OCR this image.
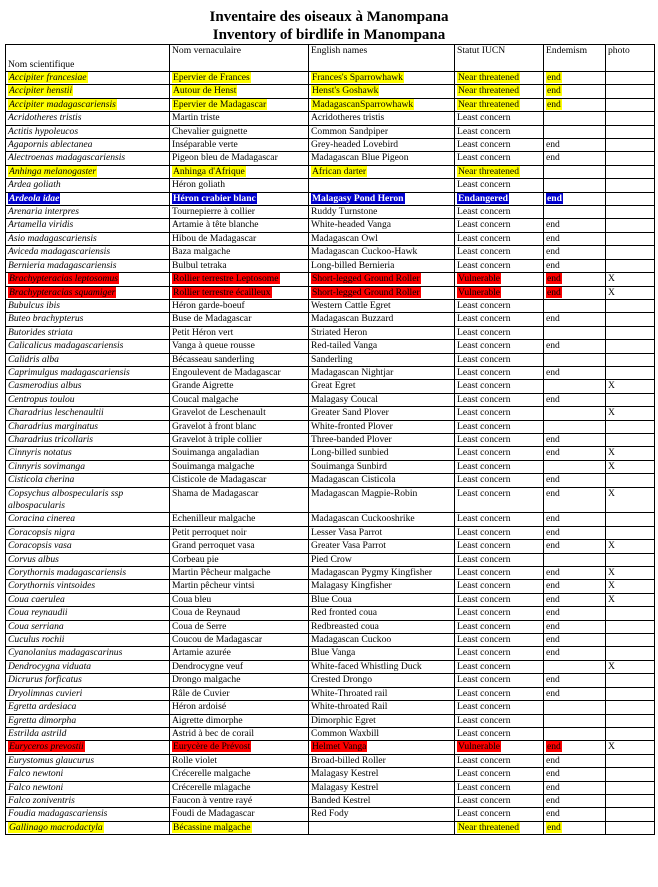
Inventaire des oiseaux à Manompana
Inventory of birdlife in Manompana
Nom scientifique	Nom vernaculaire	English names	Statut IUCN	Endemism	photo
Accipiter francesiae	Epervier de Frances	Frances's Sparrowhawk	Near threatened	end	
Accipiter henstii	Autour de Henst	Henst's Goshawk	Near threatened	end	
Accipiter madagascariensis	Epervier de Madagascar	MadagascanSparrowhawk	Near threatened	end	
Acridotheres tristis	Martin triste	Acridotheres tristis	Least concern		
Actitis hypoleucos	Chevalier guignette	Common Sandpiper	Least concern		
Agapornis ablectanea	Inséparable verte	Grey-headed Lovebird	Least concern	end	
Alectroenas madagascariensis	Pigeon bleu de Madagascar	Madagascan Blue Pigeon	Least concern	end	
Anhinga melanogaster	Anhinga d'Afrique	African darter	Near threatened		
Ardea goliath	Héron goliath		Least concern		
Ardeola idae	Héron crabier blanc	Malagasy Pond Heron	Endangered	end	
Arenaria interpres	Tournepierre à collier	Ruddy Turnstone	Least concern		
Artamella viridis	Artamie à tête blanche	White-headed Vanga	Least concern	end	
Asio madagascariensis	Hibou de Madagascar	Madagascan Owl	Least concern	end	
Aviceda madagascariensis	Baza malgache	Madagascan Cuckoo-Hawk	Least concern	end	
Bernieria madagascariensis	Bulbul tetraka	Long-billed Bernieria	Least concern	end	
Brachypteracias leptosomus	Rollier terrestre Leptosome	Short-legged Ground Roller	Vulnerable	end	X
Brachypteracias squamiger	Rollier terrestre écailleux	Short-legged Ground Roller	Vulnerable	end	X
Bubulcus ibis	Héron garde-boeuf	Western Cattle Egret	Least concern		
Buteo brachypterus	Buse de Madagascar	Madagascan Buzzard	Least concern	end	
Butorides striata	Petit Héron vert	Striated Heron	Least concern		
Calicalicus madagascariensis	Vanga à queue rousse	Red-tailed Vanga	Least concern	end	
Calidris alba	Bécasseau sanderling	Sanderling	Least concern		
Caprimulgus madagascariensis	Engoulevent de Madagascar	Madagascan Nightjar	Least concern	end	
Casmerodius albus	Grande Aigrette	Great Egret	Least concern		X
Centropus toulou	Coucal malgache	Malagasy Coucal	Least concern	end	
Charadrius leschenaultii	Gravelot de Leschenault	Greater Sand Plover	Least concern		X
Charadrius marginatus	Gravelot à front blanc	White-fronted Plover	Least concern		
Charadrius tricollaris	Gravelot à triple collier	Three-banded Plover	Least concern	end	
Cinnyris notatus	Souimanga angaladian	Long-billed sunbied	Least concern	end	X
Cinnyris sovimanga	Souimanga malgache	Souimanga Sunbird	Least concern		X
Cisticola cherina	Cisticole de Madagascar	Madagascan Cisticola	Least concern	end	
Copsychus albospecularis ssp albospacularis	Shama de Madagascar	Madagascan Magpie-Robin	Least concern	end	X
Coracina cinerea	Echenilleur malgache	Madagascan Cuckooshrike	Least concern	end	
Coracopsis nigra	Petit perroquet noir	Lesser Vasa Parrot	Least concern	end	
Coracopsis vasa	Grand perroquet vasa	Greater Vasa Parrot	Least concern	end	X
Corvus albus	Corbeau pie	Pied Crow	Least concern		
Corythornis madagascariensis	Martin Pêcheur malgache	Madagascan Pygmy Kingfisher	Least concern	end	X
Corythornis vintsoides	Martin pêcheur vintsi	Malagasy Kingfisher	Least concern	end	X
Coua caerulea	Coua bleu	Blue Coua	Least concern	end	X
Coua reynaudii	Coua de Reynaud	Red fronted coua	Least concern	end	
Coua serriana	Coua de Serre	Redbreasted coua	Least concern	end	
Cuculus rochii	Coucou de Madagascar	Madagascan Cuckoo	Least concern	end	
Cyanolanius madagascarinus	Artamie azurée	Blue Vanga	Least concern	end	
Dendrocygna viduata	Dendrocygne veuf	White-faced Whistling Duck	Least concern		X
Dicrurus forficatus	Drongo malgache	Crested Drongo	Least concern	end	
Dryolimnas cuvieri	Râle de Cuvier	White-Throated rail	Least concern	end	
Egretta ardesiaca	Héron ardoisé	White-throated Rail	Least concern		
Egretta dimorpha	Aigrette dimorphe	Dimorphic Egret	Least concern		
Estrilda astrild	Astrid à bec de corail	Common Waxbill	Least concern		
Euryceros prevostii	Eurycère de Prévost	Helmet Vanga	Vulnerable	end	X
Eurystomus glaucurus	Rolle violet	Broad-billed Roller	Least concern	end	
Falco newtoni	Crécerelle malgache	Malagasy Kestrel	Least concern	end	
Falco newtoni	Crécerelle mlagache	Malagasy Kestrel	Least concern	end	
Falco zoniventris	Faucon à ventre rayé	Banded Kestrel	Least concern	end	
Foudia madagascariensis	Foudi de Madagascar	Red Fody	Least concern	end	
Gallinago macrodactyla	Bécassine malgache		Near threatened	end	
